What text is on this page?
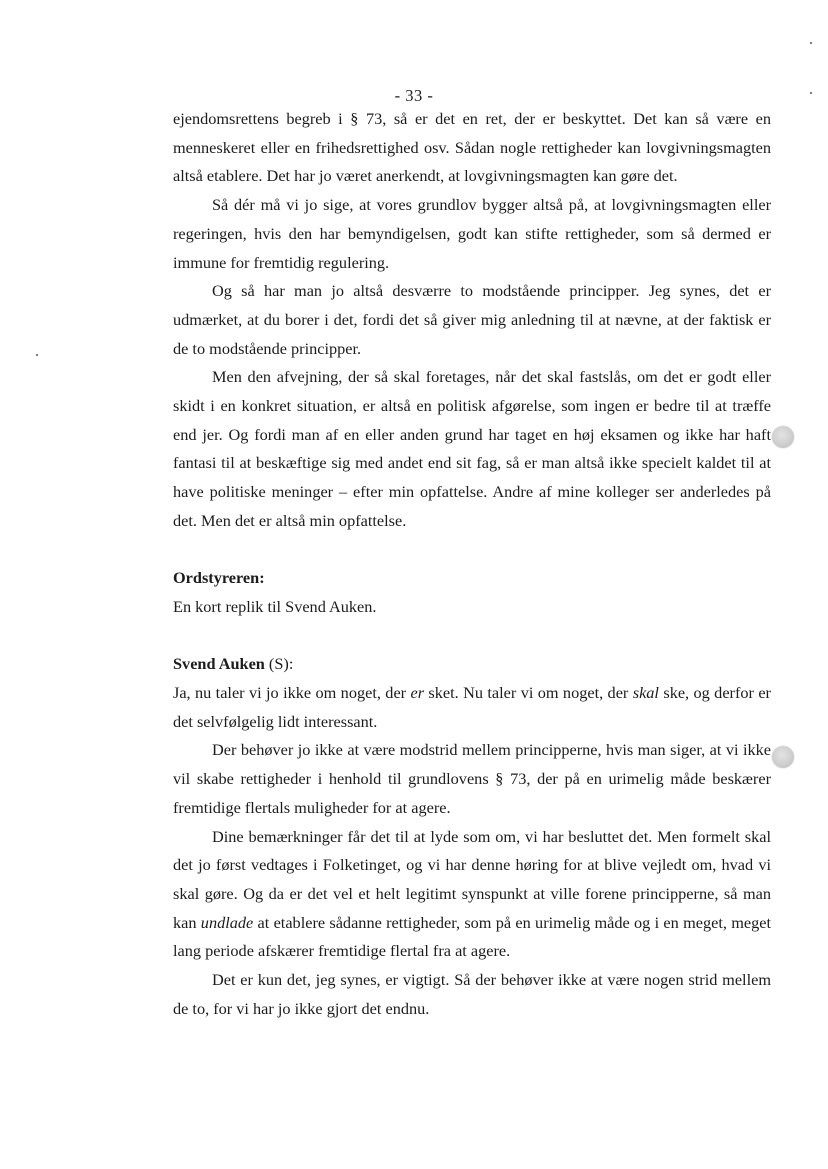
- 33 -

ejendomsrettens begreb i § 73, så er det en ret, der er beskyttet. Det kan så være en menneskeret eller en frihedsrettighed osv. Sådan nogle rettigheder kan lovgivningsmagten altså etablere. Det har jo været anerkendt, at lovgivningsmagten kan gøre det.

Så dér må vi jo sige, at vores grundlov bygger altså på, at lovgivningsmagten eller regeringen, hvis den har bemyndigelsen, godt kan stifte rettigheder, som så dermed er immune for fremtidig regulering.

Og så har man jo altså desværre to modstående principper. Jeg synes, det er udmærket, at du borer i det, fordi det så giver mig anledning til at nævne, at der faktisk er de to modstående principper.

Men den afvejning, der så skal foretages, når det skal fastslås, om det er godt eller skidt i en konkret situation, er altså en politisk afgørelse, som ingen er bedre til at træffe end jer. Og fordi man af en eller anden grund har taget en høj eksamen og ikke har haft fantasi til at beskæftige sig med andet end sit fag, så er man altså ikke specielt kaldet til at have politiske meninger – efter min opfattelse. Andre af mine kolleger ser anderledes på det. Men det er altså min opfattelse.

Ordstyreren:

En kort replik til Svend Auken.

Svend Auken (S):

Ja, nu taler vi jo ikke om noget, der er sket. Nu taler vi om noget, der skal ske, og derfor er det selvfølgelig lidt interessant.

Der behøver jo ikke at være modstrid mellem principperne, hvis man siger, at vi ikke vil skabe rettigheder i henhold til grundlovens § 73, der på en urimelig måde beskærer fremtidige flertals muligheder for at agere.

Dine bemærkninger får det til at lyde som om, vi har besluttet det. Men formelt skal det jo først vedtages i Folketinget, og vi har denne høring for at blive vejledt om, hvad vi skal gøre. Og da er det vel et helt legitimt synspunkt at ville forene principperne, så man kan undlade at etablere sådanne rettigheder, som på en urimelig måde og i en meget, meget lang periode afskærer fremtidige flertal fra at agere.

Det er kun det, jeg synes, er vigtigt. Så der behøver ikke at være nogen strid mellem de to, for vi har jo ikke gjort det endnu.
